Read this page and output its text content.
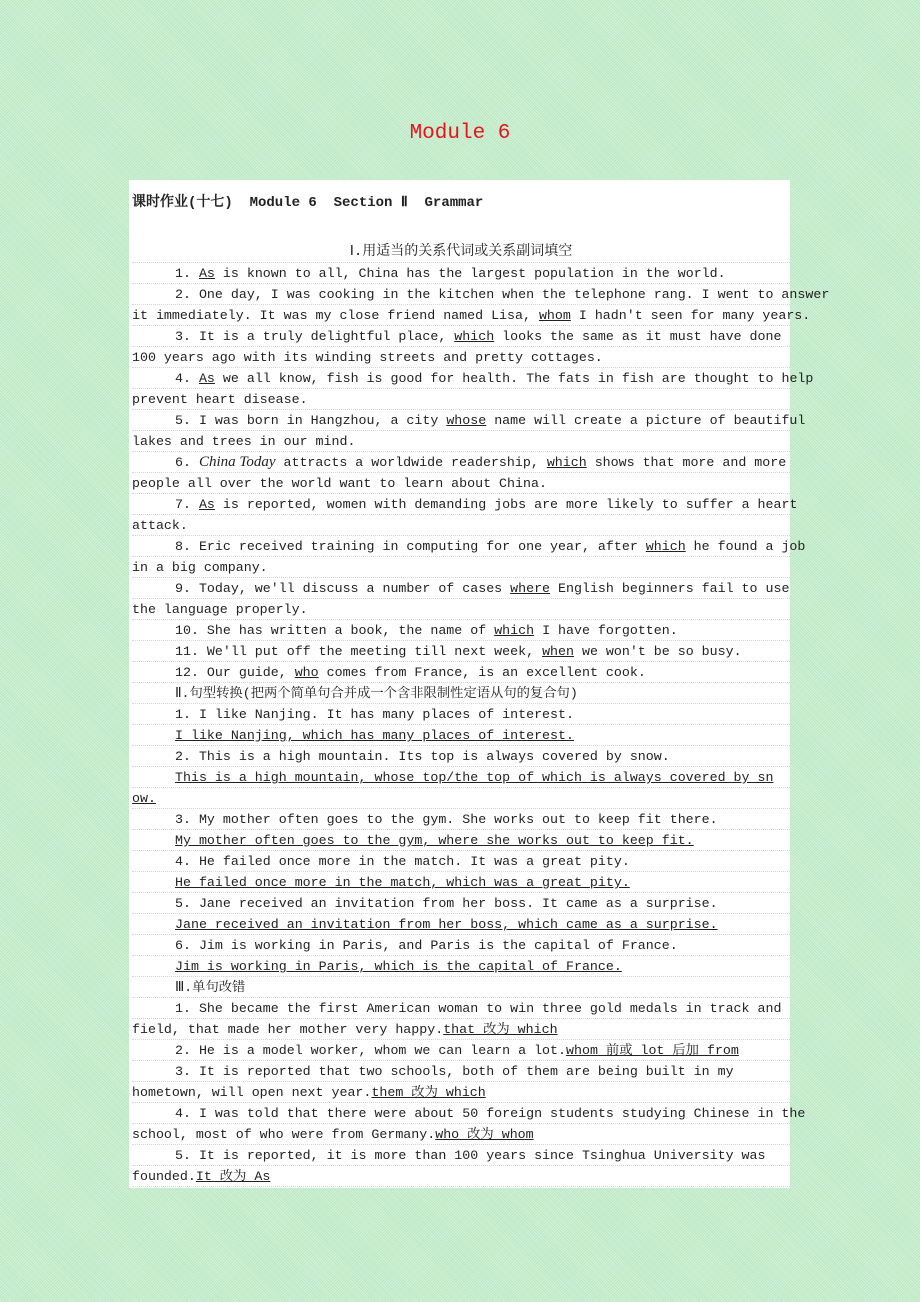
Module 6
课时作业(十七)  Module 6  Section Ⅱ  Grammar
Ⅰ.用适当的关系代词或关系副词填空
1. As is known to all, China has the largest population in the world.
2. One day, I was cooking in the kitchen when the telephone rang. I went to answer
it immediately. It was my close friend named Lisa, whom I hadn't seen for many years.
3. It is a truly delightful place, which looks the same as it must have done
100 years ago with its winding streets and pretty cottages.
4. As we all know, fish is good for health. The fats in fish are thought to help
prevent heart disease.
5. I was born in Hangzhou, a city whose name will create a picture of beautiful
lakes and trees in our mind.
6. China Today attracts a worldwide readership, which shows that more and more
people all over the world want to learn about China.
7. As is reported, women with demanding jobs are more likely to suffer a heart
attack.
8. Eric received training in computing for one year, after which he found a job
in a big company.
9. Today, we'll discuss a number of cases where English beginners fail to use
the language properly.
10. She has written a book, the name of which I have forgotten.
11. We'll put off the meeting till next week, when we won't be so busy.
12. Our guide, who comes from France, is an excellent cook.
Ⅱ.句型转换(把两个简单句合并成一个含非限制性定语从句的复合句)
1. I like Nanjing. It has many places of interest.
I like Nanjing, which has many places of interest.
2. This is a high mountain. Its top is always covered by snow.
This is a high mountain, whose top/the top of which is always covered by sn
ow.
3. My mother often goes to the gym. She works out to keep fit there.
My mother often goes to the gym, where she works out to keep fit.
4. He failed once more in the match. It was a great pity.
He failed once more in the match, which was a great pity.
5. Jane received an invitation from her boss. It came as a surprise.
Jane received an invitation from her boss, which came as a surprise.
6. Jim is working in Paris, and Paris is the capital of France.
Jim is working in Paris, which is the capital of France.
Ⅲ.单句改错
1. She became the first American woman to win three gold medals in track and
field, that made her mother very happy.that 改为 which
2. He is a model worker, whom we can learn a lot.whom 前或 lot 后加 from
3. It is reported that two schools, both of them are being built in my
hometown, will open next year.them 改为 which
4. I was told that there were about 50 foreign students studying Chinese in the
school, most of who were from Germany.who 改为 whom
5. It is reported, it is more than 100 years since Tsinghua University was
founded.It 改为 As
